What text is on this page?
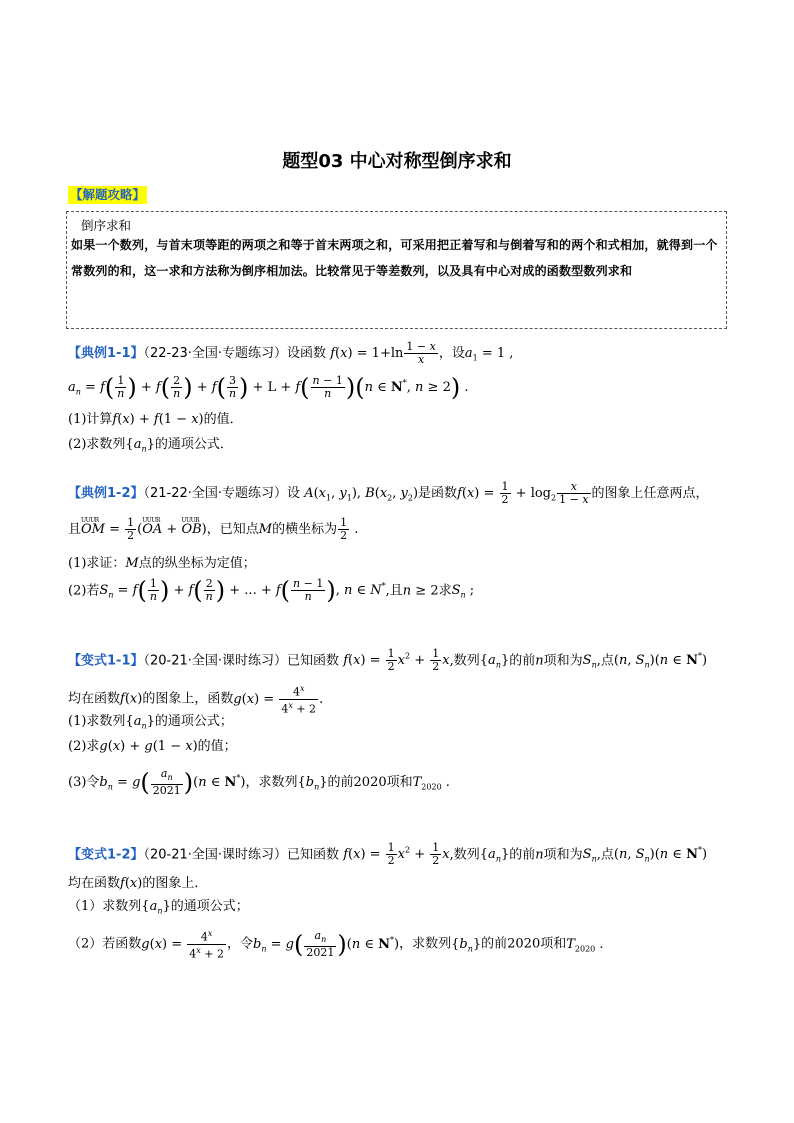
题型03 中心对称型倒序求和
【解题攻略】
倒序求和
如果一个数列，与首末项等距的两项之和等于首末两项之和，可采用把正着写和与倒着写和的两个和式相加，就得到一个常数列的和，这一求和方法称为倒序相加法。比较常见于等差数列，以及具有中心对成的函数型数列求和
【典例1-1】（22-23·全国·专题练习）设函数 $f(x) = 1+\ln \frac{1 - x}{x}$ ，设$a_1 = 1$ ,
$a_n = f( \frac{1}{n}$ ) + $f( \frac{2}{n}$ ) + $f( \frac{3}{n}$ ) + $L + f( \frac{n - 1}{n} )(n$ ∈ N*, n ≥ 2) .
(1)计算f(x) + f(1 − x)的值．
(2)求数列$\{a_n\}$的通项公式．
【典例1-2】（21-22·全国·专题练习）设 $A(x_1$, $y_1$), $B(x_2$, $y_2$)是函数$f(x) = \frac{1}{2} + \log_2 \frac{x}{1 - x}$ 的图象上任意两点，
且UUUR OM = $\frac{1}{2}$ (UUUR OA + UUUR OB)，已知点M的横坐标为 $\frac{1}{2}$ .
(1)求证：M点的纵坐标为定值；
(2)若$S_n = f( \frac{1}{n}$ ) + $f( \frac{2}{n}$ ) + ... + $f( \frac{n - 1}{n}$ ), n ∈ N*,且n ≥ 2求$S_n$ ;
【变式1-1】（20-21·全国·课时练习）已知函数 $f(x) = \frac{1}{2} x^2 + \frac{1}{2} x$,数列$\{a_n\}$的前n项和为$S_n$,点(n, $S_n)(n$ ∈ N*)
均在函数f(x)的图象上，函数$g(x) = \frac{4^x}{4^x + 2}$ .
(1)求数列$\{a_n\}$的通项公式；
(2)求g(x) + g(1 − x)的值；
(3)令$b_n = g( \frac{a_n}{2021} )(n$ ∈ N*)，求数列$\{b_n\}$的前2020项和$T_{2020}$ .
【变式1-2】（20-21·全国·课时练习）已知函数 $f(x) = \frac{1}{2} x^2 + \frac{1}{2} x$,数列$\{a_n\}$的前n项和为$S_n$,点(n, $S_n)(n$ ∈ N*)
均在函数f(x)的图象上．
（1）求数列$\{a_n\}$的通项公式；
（2）若函数$g(x) = \frac{4^x}{4^x + 2}$ ，令$b_n = g( \frac{a_n}{2021} )(n$ ∈ N*)，求数列$\{b_n\}$的前2020项和$T_{2020}$ .
